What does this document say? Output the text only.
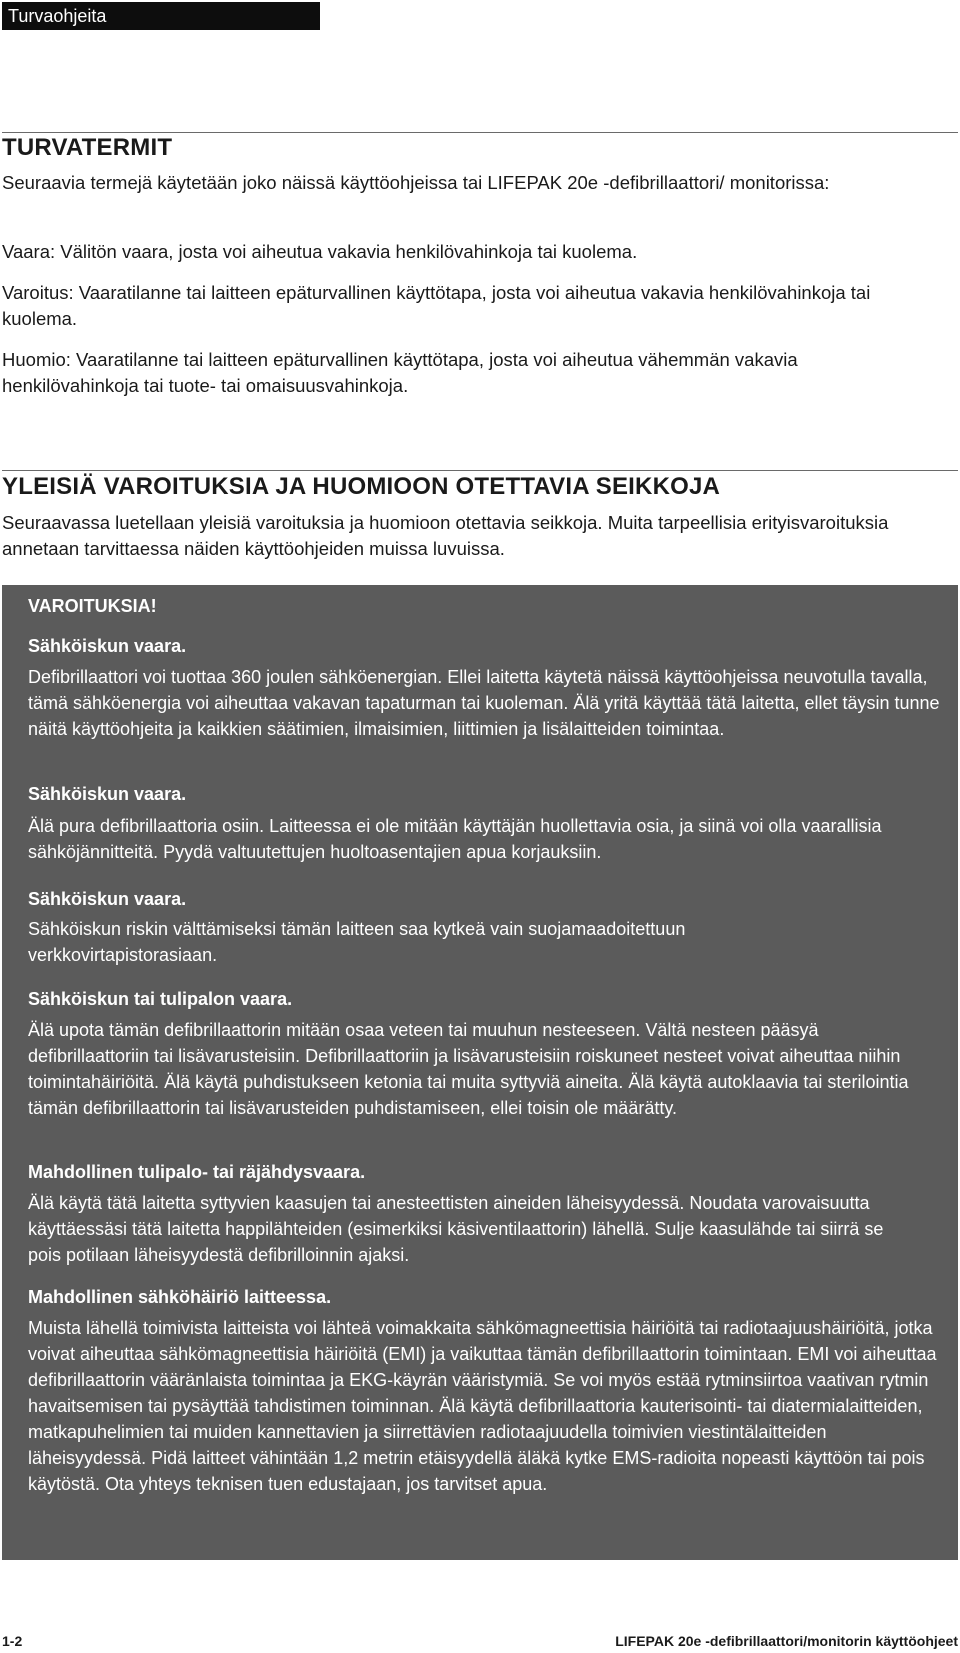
Turvaohjeita
TURVATERMIT
Seuraavia termejä käytetään joko näissä käyttöohjeissa tai LIFEPAK 20e -defibrillaattori/ monitorissa:
Vaara: Välitön vaara, josta voi aiheutua vakavia henkilövahinkoja tai kuolema.
Varoitus: Vaaratilanne tai laitteen epäturvallinen käyttötapa, josta voi aiheutua vakavia henkilövahinkoja tai kuolema.
Huomio: Vaaratilanne tai laitteen epäturvallinen käyttötapa, josta voi aiheutua vähemmän vakavia henkilövahinkoja tai tuote- tai omaisuusvahinkoja.
YLEISIÄ VAROITUKSIA JA HUOMIOON OTETTAVIA SEIKKOJA
Seuraavassa luetellaan yleisiä varoituksia ja huomioon otettavia seikkoja. Muita tarpeellisia erityisvaroituksia annetaan tarvittaessa näiden käyttöohjeiden muissa luvuissa.
VAROITUKSIA!
Sähköiskun vaara.
Defibrillaattori voi tuottaa 360 joulen sähköenergian. Ellei laitetta käytetä näissä käyttöohjeissa neuvotulla tavalla, tämä sähköenergia voi aiheuttaa vakavan tapaturman tai kuoleman. Älä yritä käyttää tätä laitetta, ellet täysin tunne näitä käyttöohjeita ja kaikkien säätimien, ilmaisimien, liittimien ja lisälaitteiden toimintaa.
Sähköiskun vaara.
Älä pura defibrillaattoria osiin. Laitteessa ei ole mitään käyttäjän huollettavia osia, ja siinä voi olla vaarallisia sähköjännitteitä. Pyydä valtuutettujen huoltoasentajien apua korjauksiin.
Sähköiskun vaara.
Sähköiskun riskin välttämiseksi tämän laitteen saa kytkeä vain suojamaadoitettuun verkkovirtapistorasiaan.
Sähköiskun tai tulipalon vaara.
Älä upota tämän defibrillaattorin mitään osaa veteen tai muuhun nesteeseen. Vältä nesteen pääsyä defibrillaattoriin tai lisävarusteisiin. Defibrillaattoriin ja lisävarusteisiin roiskuneet nesteet voivat aiheuttaa niihin toimintahäiriöitä. Älä käytä puhdistukseen ketonia tai muita syttyviä aineita. Älä käytä autoklaavia tai sterilointia tämän defibrillaattorin tai lisävarusteiden puhdistamiseen, ellei toisin ole määrätty.
Mahdollinen tulipalo- tai räjähdysvaara.
Älä käytä tätä laitetta syttyvien kaasujen tai anesteettisten aineiden läheisyydessä. Noudata varovaisuutta käyttäessäsi tätä laitetta happilähteiden (esimerkiksi käsiventilaattorin) lähellä. Sulje kaasulähde tai siirrä se pois potilaan läheisyydestä defibrilloinnin ajaksi.
Mahdollinen sähköhäiriö laitteessa.
Muista lähellä toimivista laitteista voi lähteä voimakkaita sähkömagneettisia häiriöitä tai radiotaajuushäiriöitä, jotka voivat aiheuttaa sähkömagneettisia häiriöitä (EMI) ja vaikuttaa tämän defibrillaattorin toimintaan. EMI voi aiheuttaa defibrillaattorin vääränlaista toimintaa ja EKG-käyrän vääristymiä. Se voi myös estää rytminsiirtoa vaativan rytmin havaitsemisen tai pysäyttää tahdistimen toiminnan. Älä käytä defibrillaattoria kauterisointi- tai diatermialaitteiden, matkapuhelimien tai muiden kannettavien ja siirrettävien radiotaajuudella toimivien viestintälaitteiden läheisyydessä. Pidä laitteet vähintään 1,2 metrin etäisyydellä äläkä kytke EMS-radioita nopeasti käyttöön tai pois käytöstä. Ota yhteys teknisen tuen edustajaan, jos tarvitset apua.
1-2	LIFEPAK 20e -defibrillaattori/monitorin käyttöohjeet
